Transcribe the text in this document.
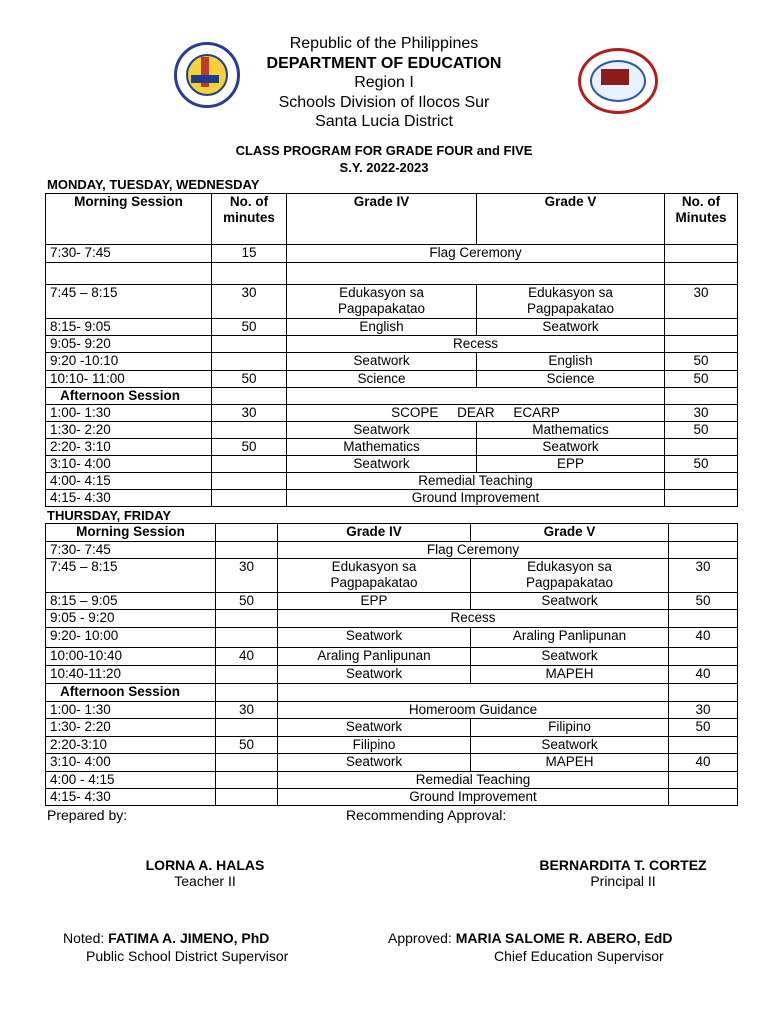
Republic of the Philippines
DEPARTMENT OF EDUCATION
Region I
Schools Division of Ilocos Sur
Santa Lucia District
CLASS PROGRAM FOR GRADE FOUR and FIVE
S.Y. 2022-2023
MONDAY, TUESDAY, WEDNESDAY
Morning Session	No. of minutes	Grade IV	Grade V	No. of Minutes
7:30- 7:45	15	Flag Ceremony		

7:45 – 8:15	30	Edukasyon sa Pagpapakatao	Edukasyon sa Pagpapakatao	30
8:15- 9:05	50	English	Seatwork	
9:05- 9:20		Recess		
9:20 -10:10		Seatwork	English	50
10:10- 11:00	50	Science	Science	50
Afternoon Session				
1:00- 1:30	30	SCOPE     DEAR     ECARP		30
1:30- 2:20		Seatwork	Mathematics	50
2:20- 3:10	50	Mathematics	Seatwork	
3:10- 4:00		Seatwork	EPP	50
4:00- 4:15		Remedial Teaching		
4:15- 4:30		Ground Improvement		
THURSDAY, FRIDAY
Morning Session		Grade IV	Grade V	
7:30- 7:45		Flag Ceremony		
7:45 – 8:15	30	Edukasyon sa Pagpapakatao	Edukasyon sa Pagpapakatao	30
8:15 – 9:05	50	EPP	Seatwork	50
9:05 - 9:20		Recess		
9:20- 10:00		Seatwork	Araling Panlipunan	40
10:00-10:40	40	Araling Panlipunan	Seatwork	
10:40-11:20		Seatwork	MAPEH	40
Afternoon Session				
1:00- 1:30	30	Homeroom Guidance		30
1:30- 2:20		Seatwork	Filipino	50
2:20-3:10	50	Filipino	Seatwork	
3:10- 4:00		Seatwork	MAPEH	40
4:00 - 4:15		Remedial Teaching		
4:15- 4:30		Ground Improvement		
Prepared by:	Recommending Approval:
LORNA A. HALAS
Teacher II
BERNARDITA T. CORTEZ
Principal II
Noted: FATIMA A. JIMENO, PhD
Public School District Supervisor
Approved: MARIA SALOME R. ABERO, EdD
Chief Education Supervisor
